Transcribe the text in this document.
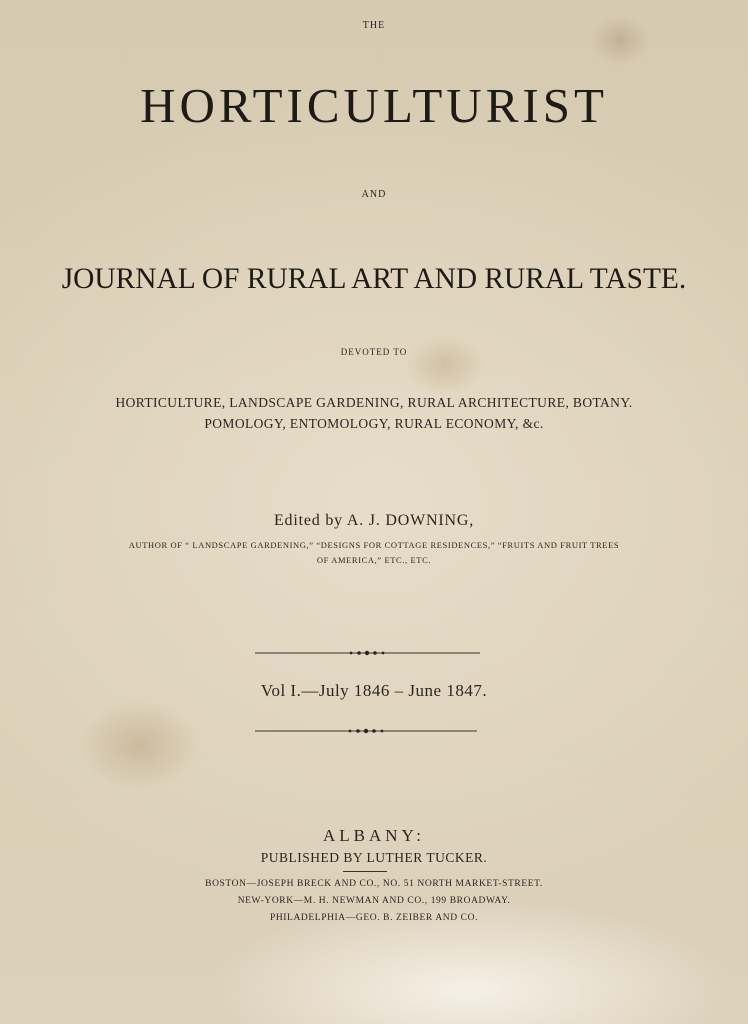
THE
HORTICULTURIST
AND
JOURNAL OF RURAL ART AND RURAL TASTE.
DEVOTED TO
HORTICULTURE, LANDSCAPE GARDENING, RURAL ARCHITECTURE, BOTANY.
POMOLOGY, ENTOMOLOGY, RURAL ECONOMY, &c.
Edited by A. J. DOWNING,
AUTHOR OF “ LANDSCAPE GARDENING,” “DESIGNS FOR COTTAGE RESIDENCES,” “FRUITS AND FRUIT TREES
OF AMERICA,” ETC., ETC.
Vol I.—July 1846 – June 1847.
ALBANY:
PUBLISHED BY LUTHER TUCKER.
BOSTON—JOSEPH BRECK AND CO., NO. 51 NORTH MARKET-STREET.
NEW-YORK—M. H. NEWMAN AND CO., 199 BROADWAY.
PHILADELPHIA—GEO. B. ZEIBER AND CO.
